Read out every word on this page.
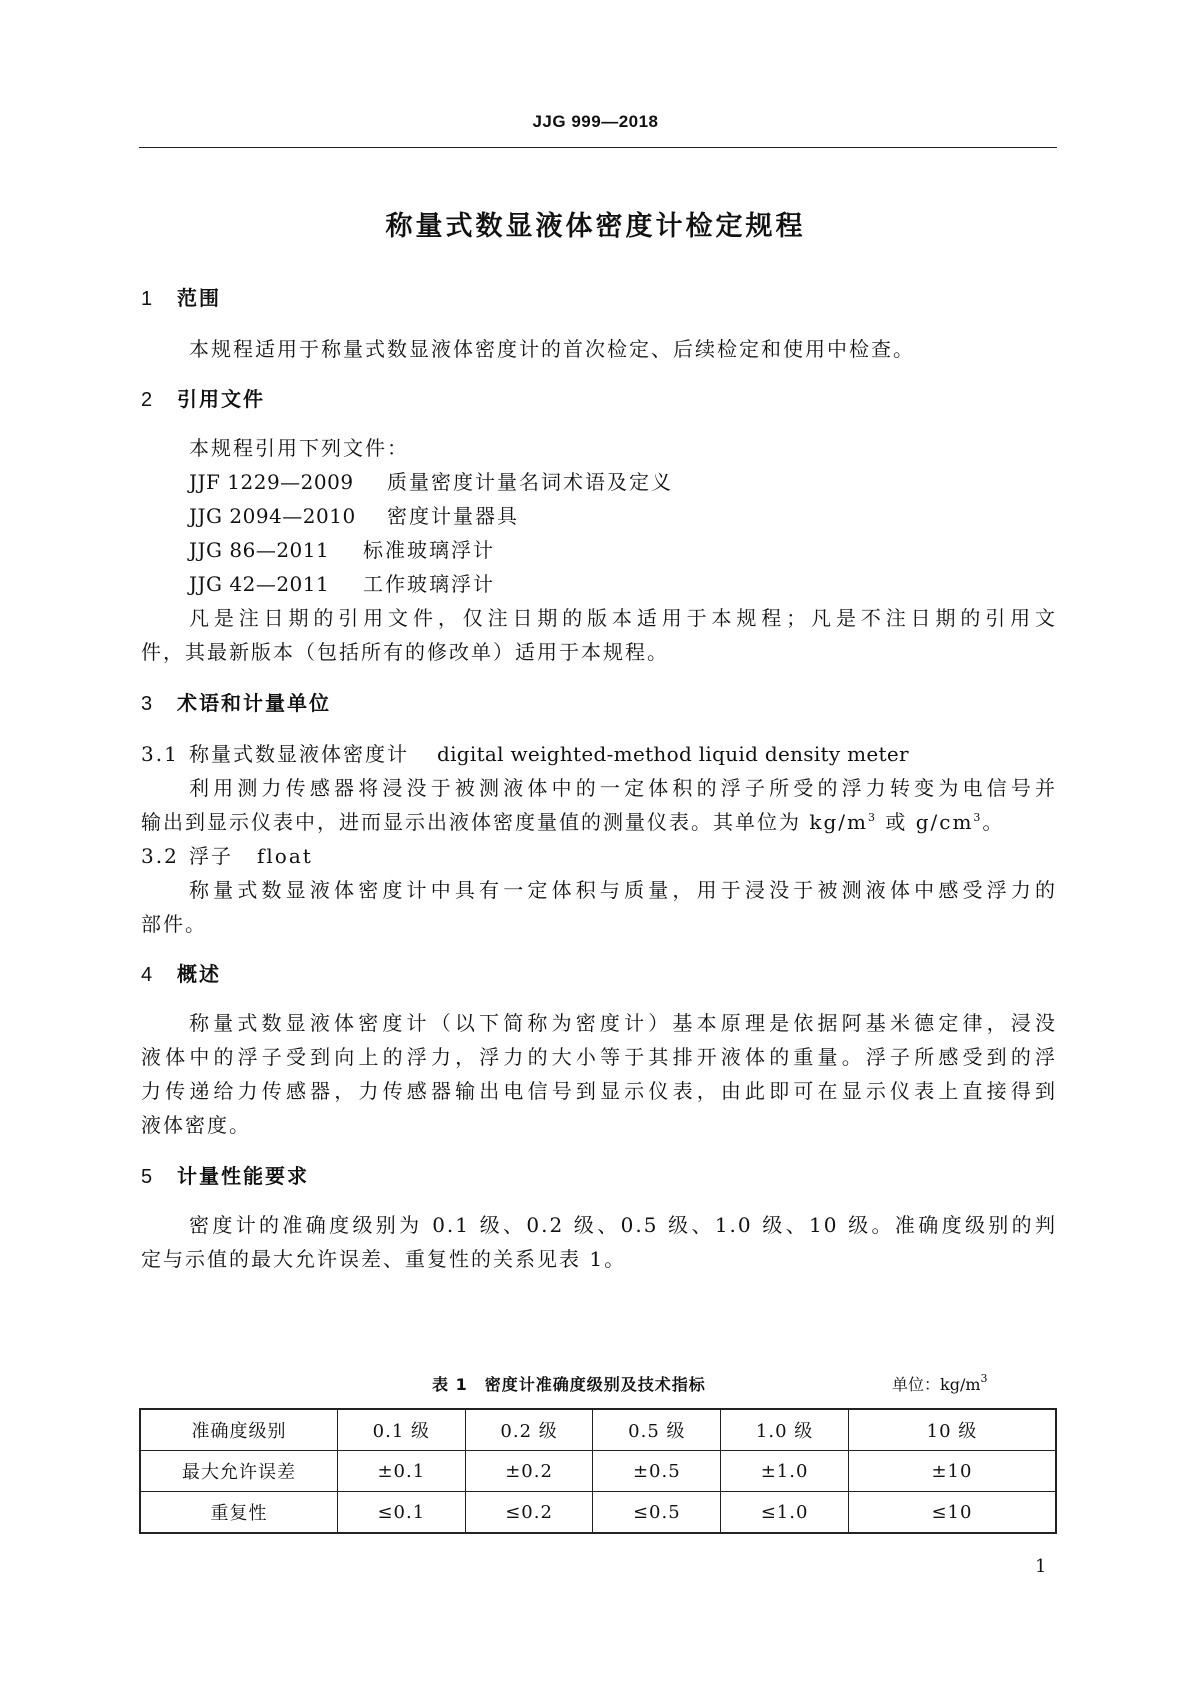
JJG 999—2018
称量式数显液体密度计检定规程
1 范围
本规程适用于称量式数显液体密度计的首次检定、后续检定和使用中检查。
2 引用文件
本规程引用下列文件：
JJF 1229—2009 质量密度计量名词术语及定义
JJG 2094—2010 密度计量器具
JJG 86—2011 标准玻璃浮计
JJG 42—2011 工作玻璃浮计
凡是注日期的引用文件，仅注日期的版本适用于本规程；凡是不注日期的引用文
件，其最新版本（包括所有的修改单）适用于本规程。
3 术语和计量单位
3.1 称量式数显液体密度计 digital weighted-method liquid density meter
利用测力传感器将浸没于被测液体中的一定体积的浮子所受的浮力转变为电信号并
输出到显示仪表中，进而显示出液体密度量值的测量仪表。其单位为 $kg/m^3$ 或 $g/cm^3$。
3.2 浮子 float
称量式数显液体密度计中具有一定体积与质量，用于浸没于被测液体中感受浮力的
部件。
4 概述
称量式数显液体密度计（以下简称为密度计）基本原理是依据阿基米德定律，浸没
液体中的浮子受到向上的浮力，浮力的大小等于其排开液体的重量。浮子所感受到的浮
力传递给力传感器，力传感器输出电信号到显示仪表，由此即可在显示仪表上直接得到
液体密度。
5 计量性能要求
密度计的准确度级别为 0.1 级、0.2 级、0.5 级、1.0 级、10 级。准确度级别的判
定与示值的最大允许误差、重复性的关系见表 1。
表 1　密度计准确度级别及技术指标	单位：$kg/m^3$
准确度级别	0.1 级	0.2 级	0.5 级	1.0 级	10 级
最大允许误差	±0.1	±0.2	±0.5	±1.0	±10
重复性	≤0.1	≤0.2	≤0.5	≤1.0	≤10
1
